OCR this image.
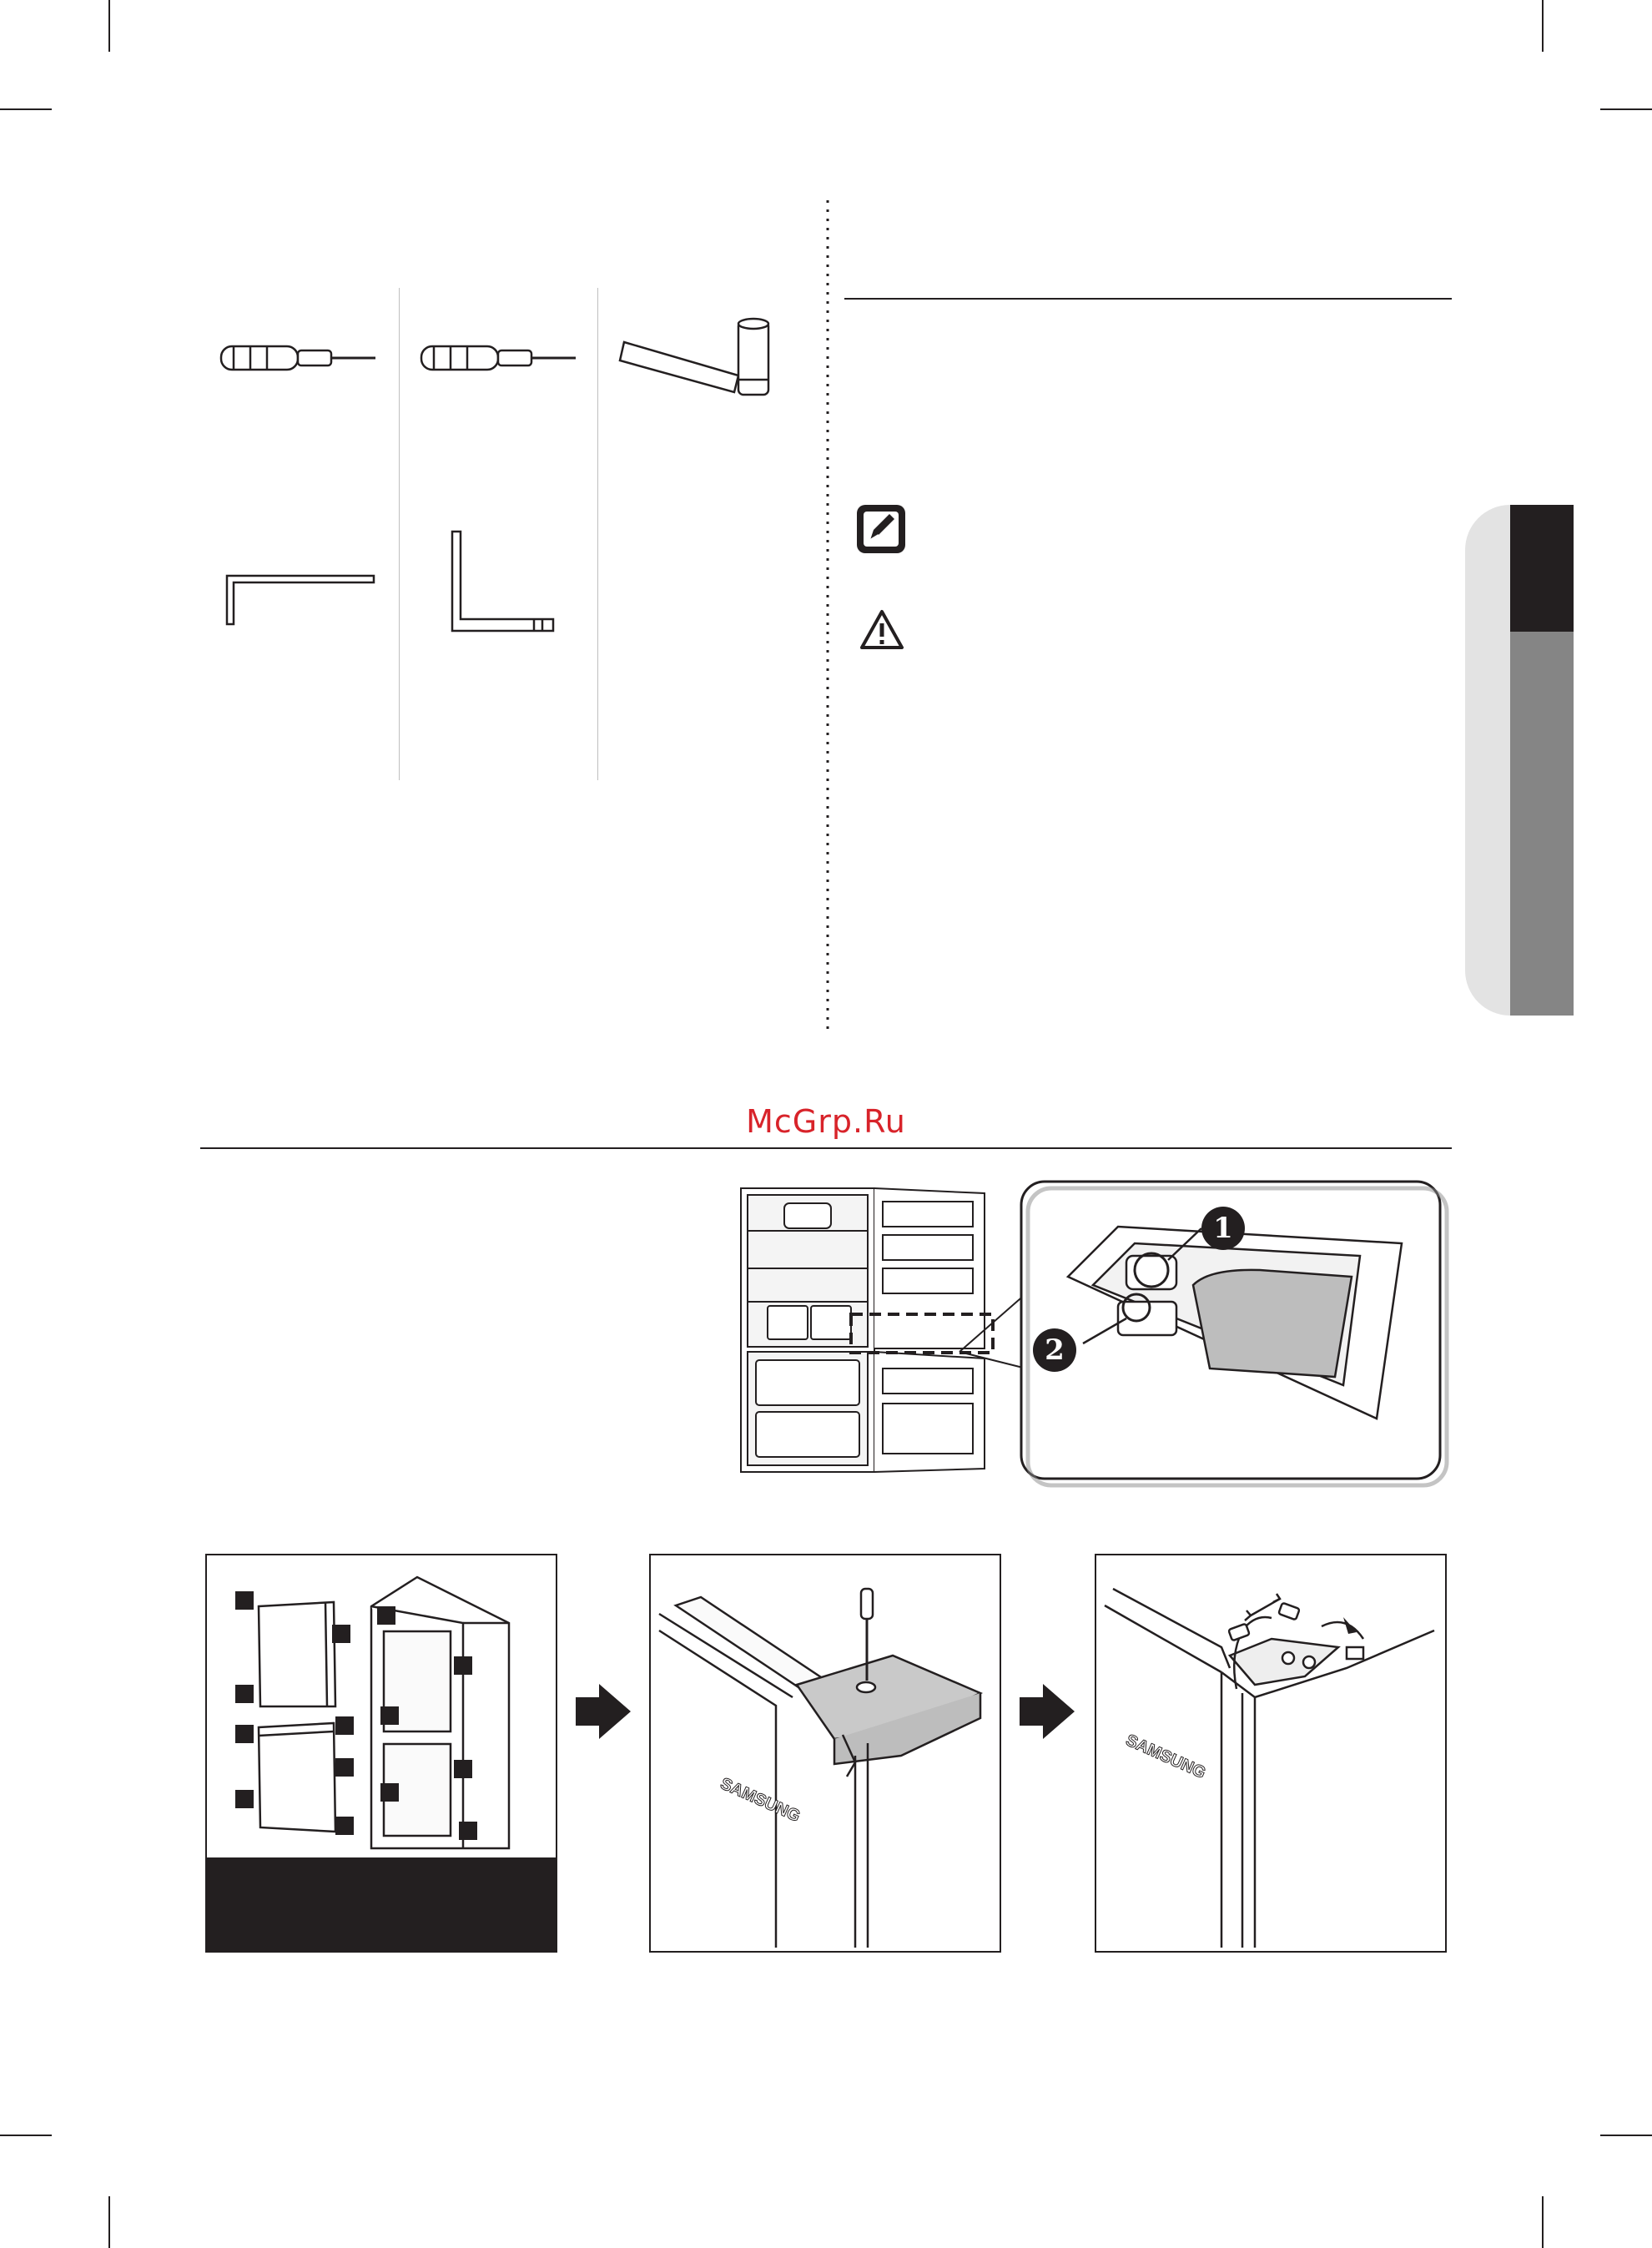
McGrp.Ru
1
2
SAMSUNG
SAMSUNG
